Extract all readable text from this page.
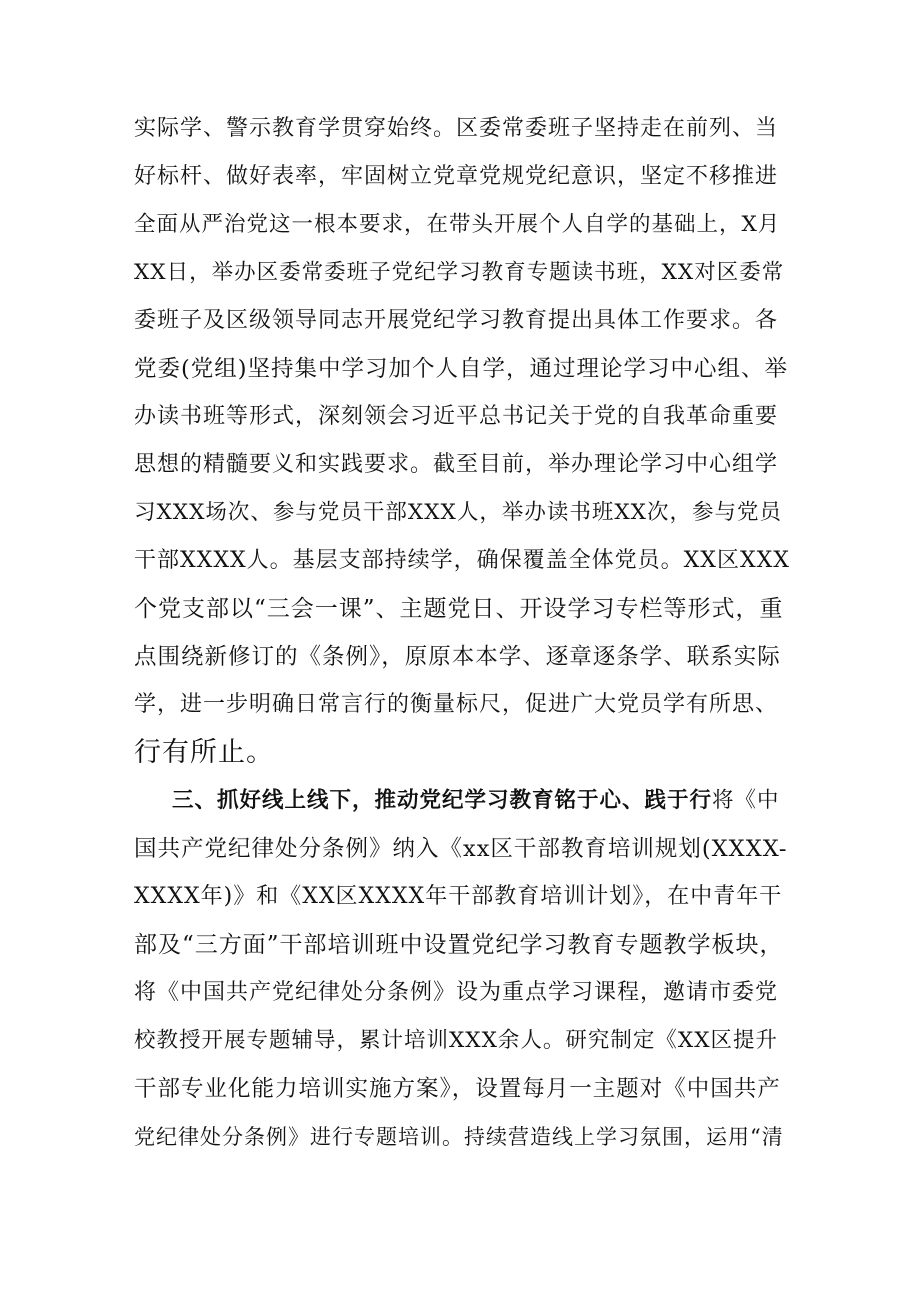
实际学、警示教育学贯穿始终。区委常委班子坚持走在前列、当
好标杆、做好表率，牢固树立党章党规党纪意识，坚定不移推进
全面从严治党这一根本要求，在带头开展个人自学的基础上，X月
XX日，举办区委常委班子党纪学习教育专题读书班，XX对区委常
委班子及区级领导同志开展党纪学习教育提出具体工作要求。各
党委(党组)坚持集中学习加个人自学，通过理论学习中心组、举
办读书班等形式，深刻领会习近平总书记关于党的自我革命重要
思想的精髓要义和实践要求。截至目前，举办理论学习中心组学
习XXX场次、参与党员干部XXX人，举办读书班XX次，参与党员
干部XXXX人。基层支部持续学，确保覆盖全体党员。XX区XXX
个党支部以“三会一课”、主题党日、开设学习专栏等形式，重
点围绕新修订的《条例》，原原本本学、逐章逐条学、联系实际
学，进一步明确日常言行的衡量标尺，促进广大党员学有所思、
行有所止。
三、抓好线上线下，推动党纪学习教育铭于心、践于行将《中
国共产党纪律处分条例》纳入《xx区干部教育培训规划(XXXX-
XXXX年)》和《XX区XXXX年干部教育培训计划》，在中青年干
部及“三方面”干部培训班中设置党纪学习教育专题教学板块，
将《中国共产党纪律处分条例》设为重点学习课程，邀请市委党
校教授开展专题辅导，累计培训XXX余人。研究制定《XX区提升
干部专业化能力培训实施方案》，设置每月一主题对《中国共产
党纪律处分条例》进行专题培训。持续营造线上学习氛围，运用“清
